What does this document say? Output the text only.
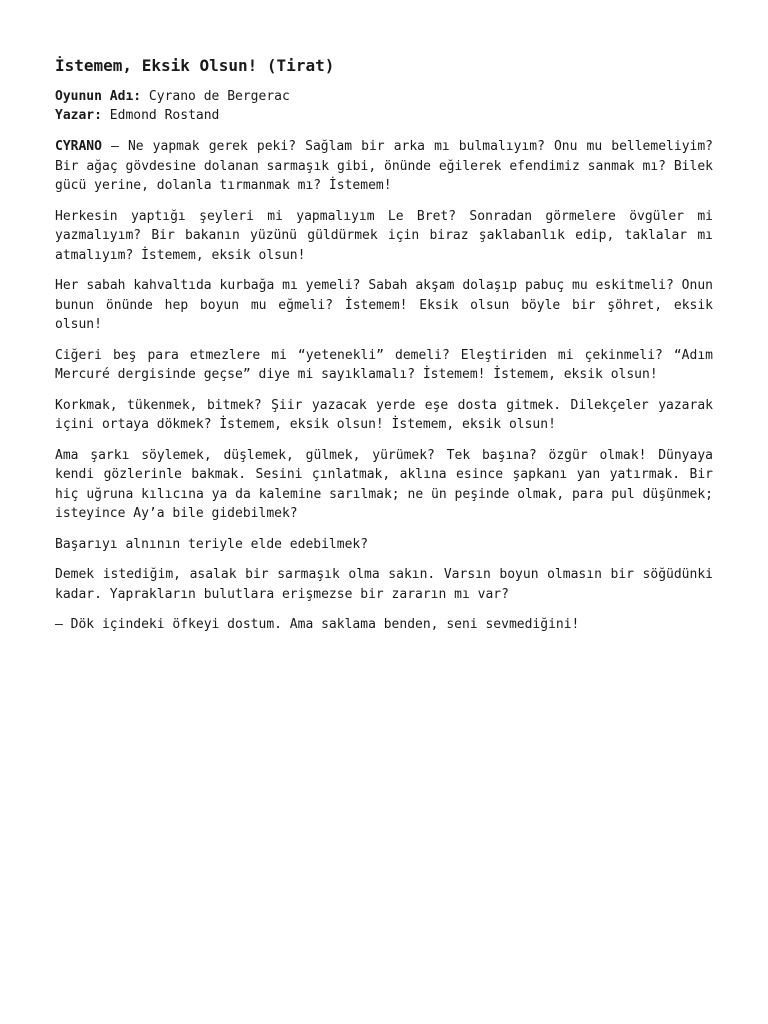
İstemem, Eksik Olsun! (Tirat)
Oyunun Adı: Cyrano de Bergerac
Yazar: Edmond Rostand

CYRANO – Ne yapmak gerek peki? Sağlam bir arka mı bulmalıyım? Onu mu bellemeliyim? Bir ağaç gövdesine dolanan sarmaşık gibi, önünde eğilerek efendimiz sanmak mı? Bilek gücü yerine, dolanla tırmanmak mı? İstemem!

Herkesin yaptığı şeyleri mi yapmalıyım Le Bret? Sonradan görmelere övgüler mi yazmalıyım? Bir bakanın yüzünü güldürmek için biraz şaklabanlık edip, taklalar mı atmalıyım? İstemem, eksik olsun!

Her sabah kahvaltıda kurbağa mı yemeli? Sabah akşam dolaşıp pabuç mu eskitmeli? Onun bunun önünde hep boyun mu eğmeli? İstemem! Eksik olsun böyle bir şöhret, eksik olsun!

Ciğeri beş para etmezlere mi “yetenekli” demeli? Eleştiriden mi çekinmeli? “Adım Mercuré dergisinde geçse” diye mi sayıklamalı? İstemem! İstemem, eksik olsun!

Korkmak, tükenmek, bitmek? Şiir yazacak yerde eşe dosta gitmek. Dilekçeler yazarak içini ortaya dökmek? İstemem, eksik olsun! İstemem, eksik olsun!

Ama şarkı söylemek, düşlemek, gülmek, yürümek? Tek başına? özgür olmak! Dünyaya kendi gözlerinle bakmak. Sesini çınlatmak, aklına esince şapkanı yan yatırmak. Bir hiç uğruna kılıcına ya da kalemine sarılmak; ne ün peşinde olmak, para pul düşünmek; isteyince Ay’a bile gidebilmek?

Başarıyı alnının teriyle elde edebilmek?

Demek istediğim, asalak bir sarmaşık olma sakın. Varsın boyun olmasın bir söğüdünki kadar. Yaprakların bulutlara erişmezse bir zararın mı var?

– Dök içindeki öfkeyi dostum. Ama saklama benden, seni sevmediğini!
